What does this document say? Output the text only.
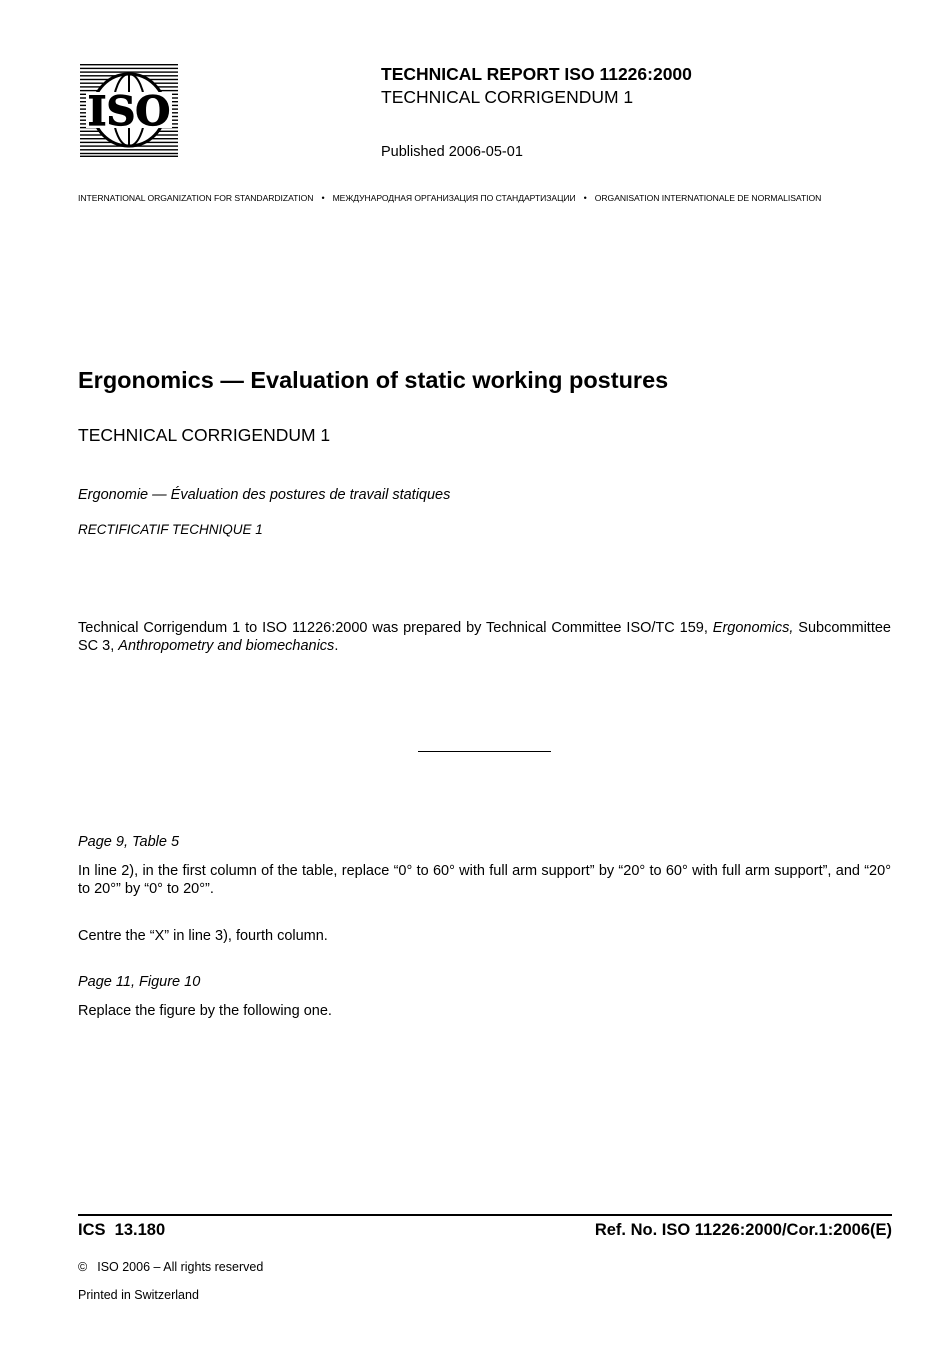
ISO
TECHNICAL REPORT ISO 11226:2000
TECHNICAL CORRIGENDUM 1
Published 2006-05-01
INTERNATIONAL ORGANIZATION FOR STANDARDIZATION • МЕЖДУНАРОДНАЯ ОРГАНИЗАЦИЯ ПО СТАНДАРТИЗАЦИИ • ORGANISATION INTERNATIONALE DE NORMALISATION
Ergonomics — Evaluation of static working postures
TECHNICAL CORRIGENDUM 1
Ergonomie — Évaluation des postures de travail statiques
RECTIFICATIF TECHNIQUE 1

Technical Corrigendum 1 to ISO 11226:2000 was prepared by Technical Committee ISO/TC 159, Ergonomics, Subcommittee SC 3, Anthropometry and biomechanics.

Page 9, Table 5

In line 2), in the first column of the table, replace “0° to 60° with full arm support” by “20° to 60° with full arm support”, and “20° to 20°” by “0° to 20°”.

Centre the “X” in line 3), fourth column.

Page 11, Figure 10

Replace the figure by the following one.

ICS  13.180	Ref. No. ISO 11226:2000/Cor.1:2006(E)
© ISO 2006 – All rights reserved
Printed in Switzerland
